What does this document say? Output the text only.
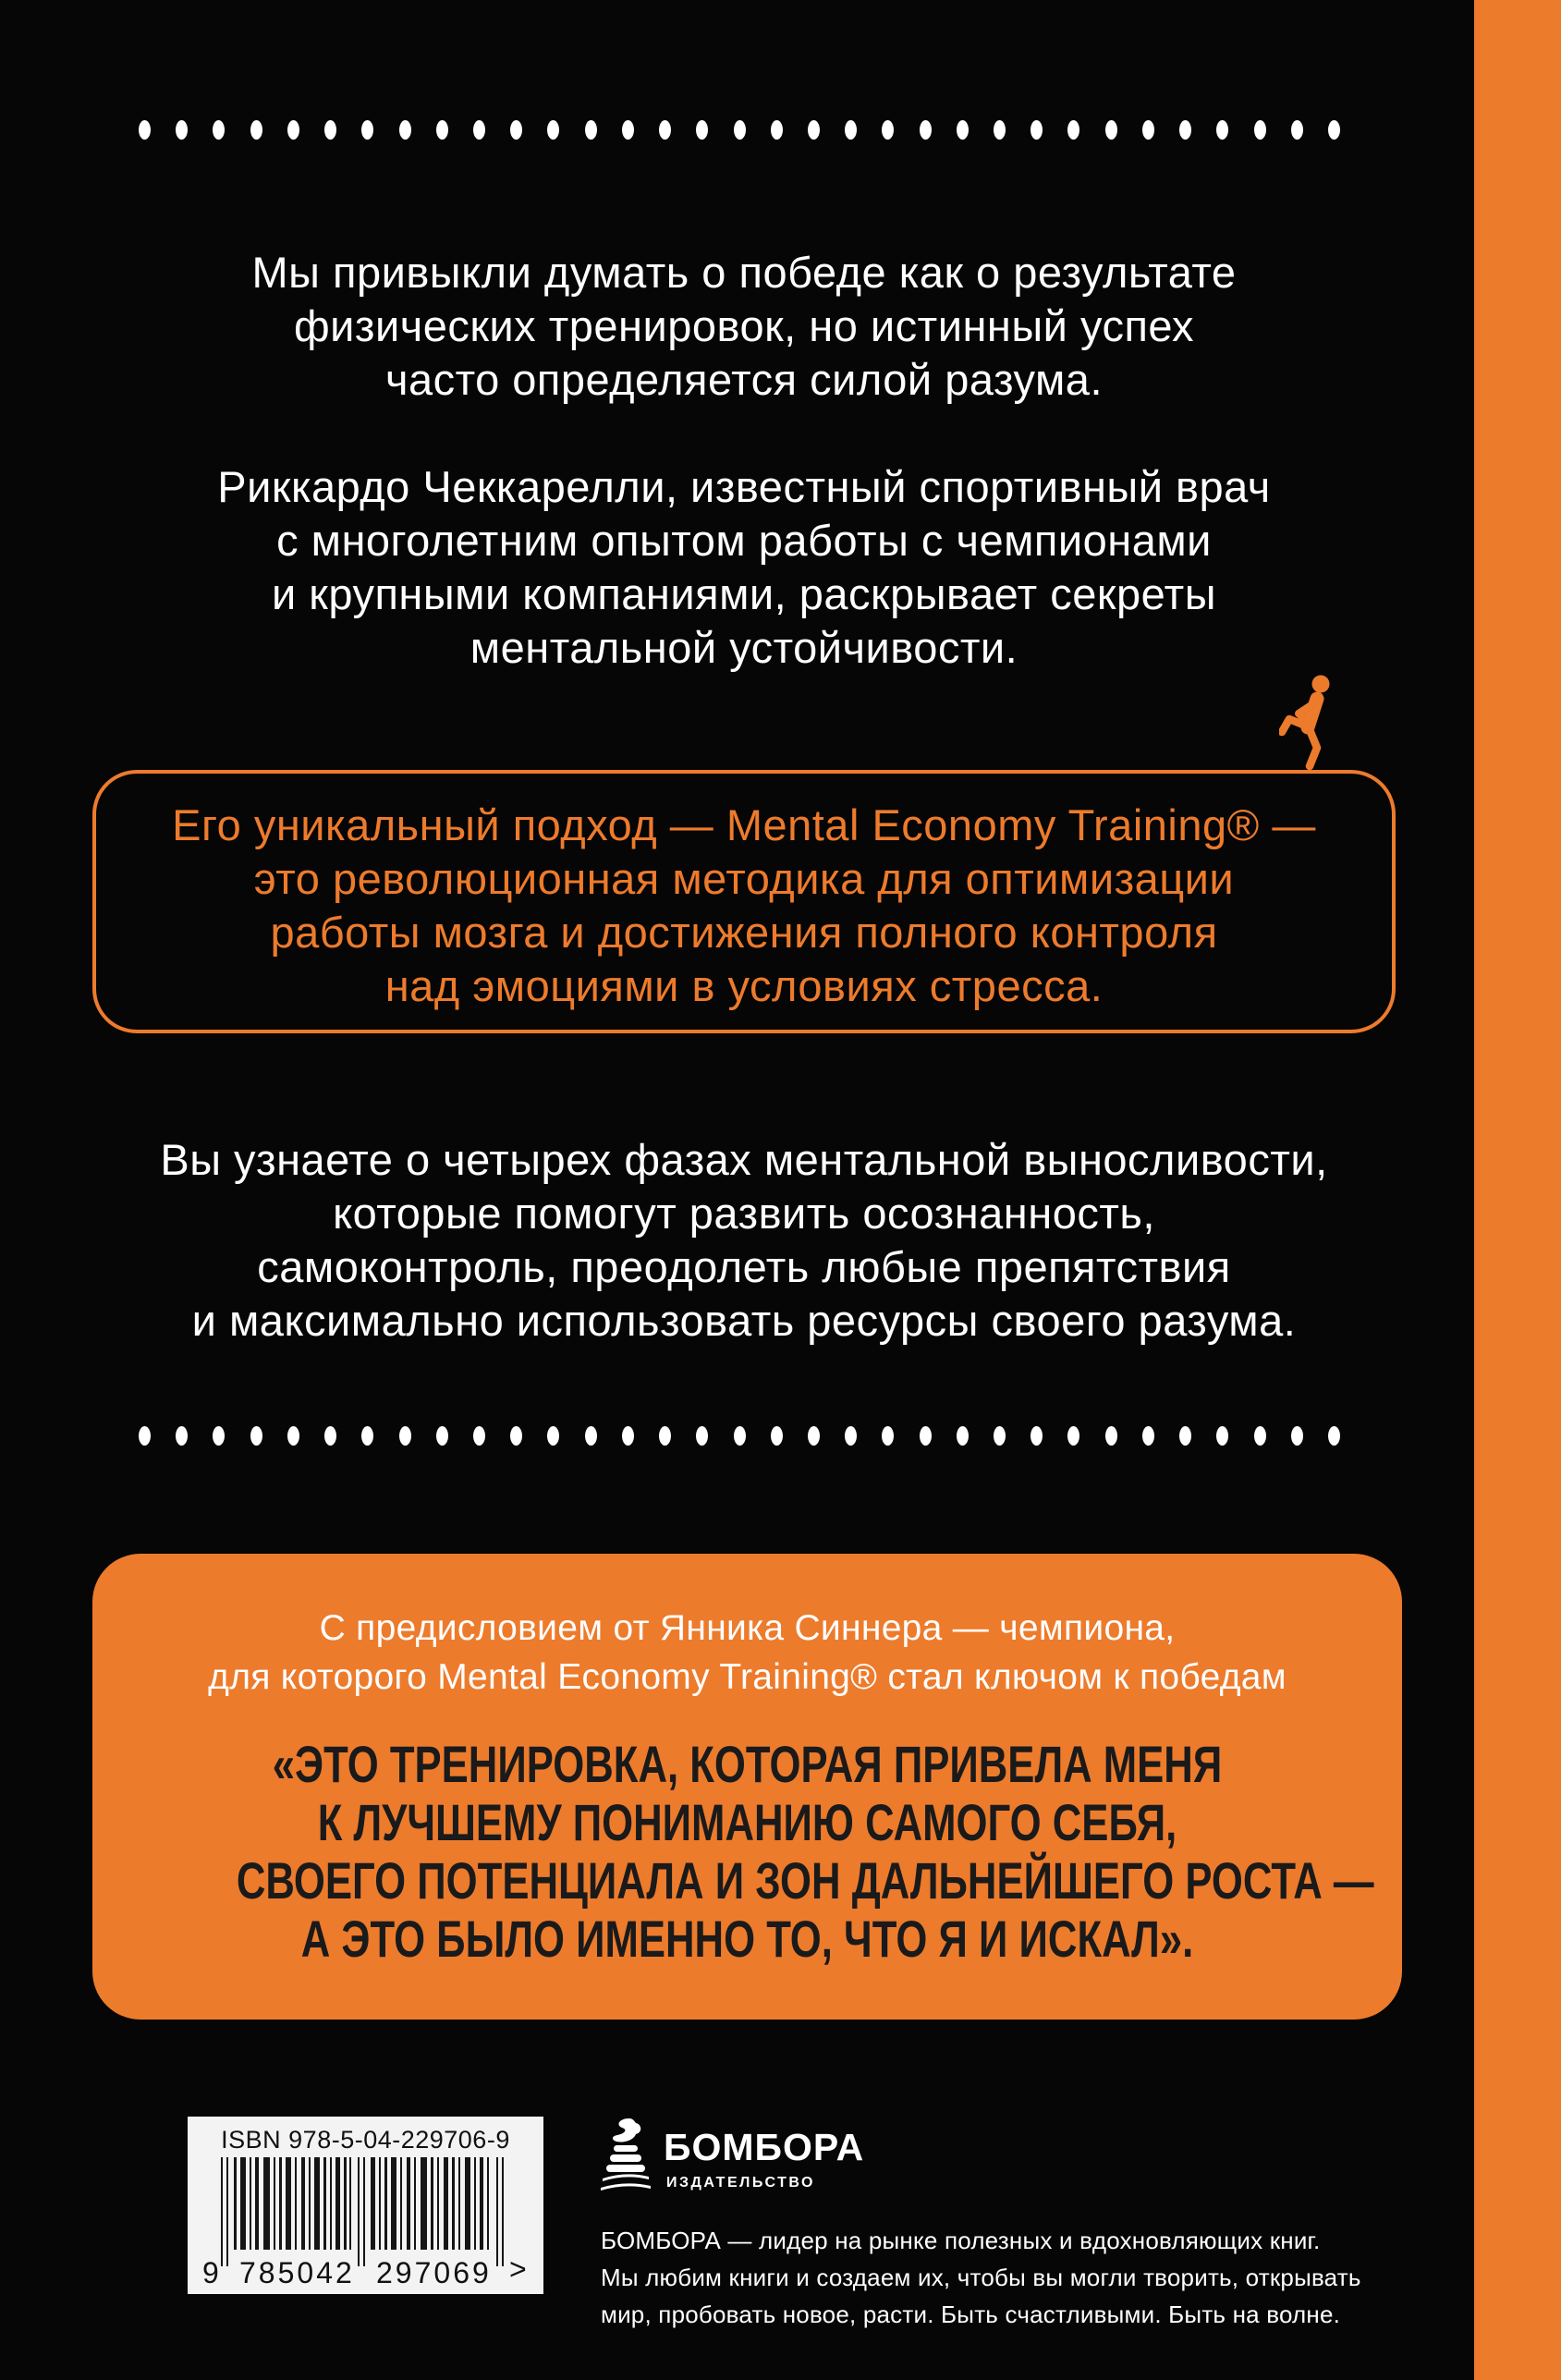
Мы привыкли думать о победе как о результате
физических тренировок, но истинный успех
часто определяется силой разума.
Риккардо Чеккарелли, известный спортивный врач
с многолетним опытом работы с чемпионами
и крупными компаниями, раскрывает секреты
ментальной устойчивости.
Его уникальный подход — Mental Economy Training® —
это революционная методика для оптимизации
работы мозга и достижения полного контроля
над эмоциями в условиях стресса.
Вы узнаете о четырех фазах ментальной выносливости,
которые помогут развить осознанность,
самоконтроль, преодолеть любые препятствия
и максимально использовать ресурсы своего разума.
С предисловием от Янника Синнера — чемпиона,
для которого Mental Economy Training® стал ключом к победам
«ЭТО ТРЕНИРОВКА, КОТОРАЯ ПРИВЕЛА МЕНЯ
К ЛУЧШЕМУ ПОНИМАНИЮ САМОГО СЕБЯ,
СВОЕГО ПОТЕНЦИАЛА И ЗОН ДАЛЬНЕЙШЕГО РОСТА —
А ЭТО БЫЛО ИМЕННО ТО, ЧТО Я И ИСКАЛ».
ISBN 978-5-04-229706-9
9 785042 297069 >
БОМБОРА
ИЗДАТЕЛЬСТВО
БОМБОРА — лидер на рынке полезных и вдохновляющих книг.
Мы любим книги и создаем их, чтобы вы могли творить, открывать
мир, пробовать новое, расти. Быть счастливыми. Быть на волне.
